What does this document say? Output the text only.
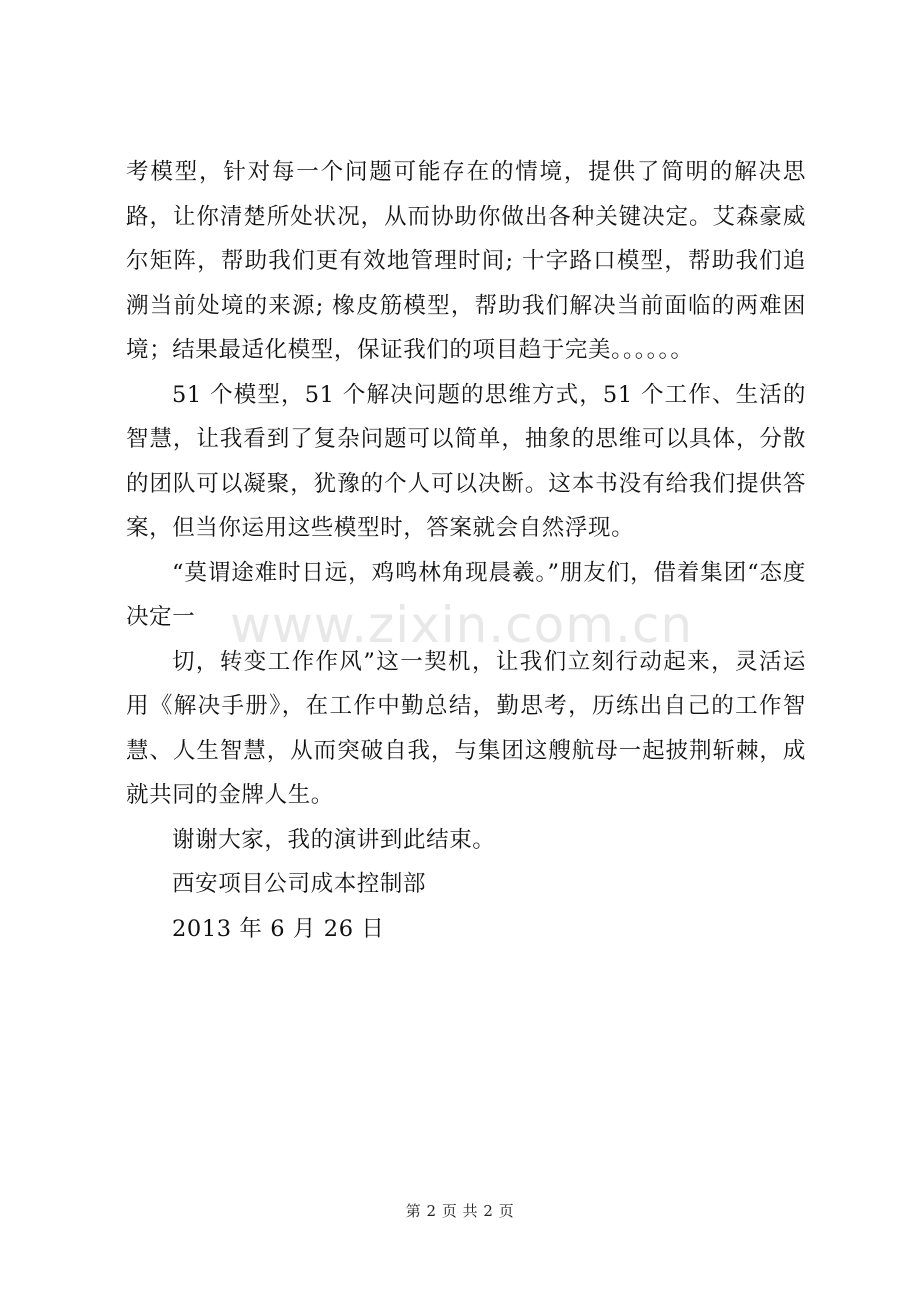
考模型，针对每一个问题可能存在的情境，提供了简明的解决思路，让你清楚所处状况，从而协助你做出各种关键决定。艾森豪威尔矩阵，帮助我们更有效地管理时间; 十字路口模型，帮助我们追溯当前处境的来源; 橡皮筋模型，帮助我们解决当前面临的两难困境；结果最适化模型，保证我们的项目趋于完美。。。。。。

51 个模型，51 个解决问题的思维方式，51 个工作、生活的智慧，让我看到了复杂问题可以简单，抽象的思维可以具体，分散的团队可以凝聚，犹豫的个人可以决断。这本书没有给我们提供答案，但当你运用这些模型时，答案就会自然浮现。

“莫谓途难时日远，鸡鸣林角现晨羲。”朋友们，借着集团“态度决定一

切，转变工作作风”这一契机，让我们立刻行动起来，灵活运用《解决手册》，在工作中勤总结，勤思考，历练出自己的工作智慧、人生智慧，从而突破自我，与集团这艘航母一起披荆斩棘，成就共同的金牌人生。

谢谢大家，我的演讲到此结束。

西安项目公司成本控制部

2013 年 6 月 26 日

www.zixin.com.cn
第 2 页 共 2 页
